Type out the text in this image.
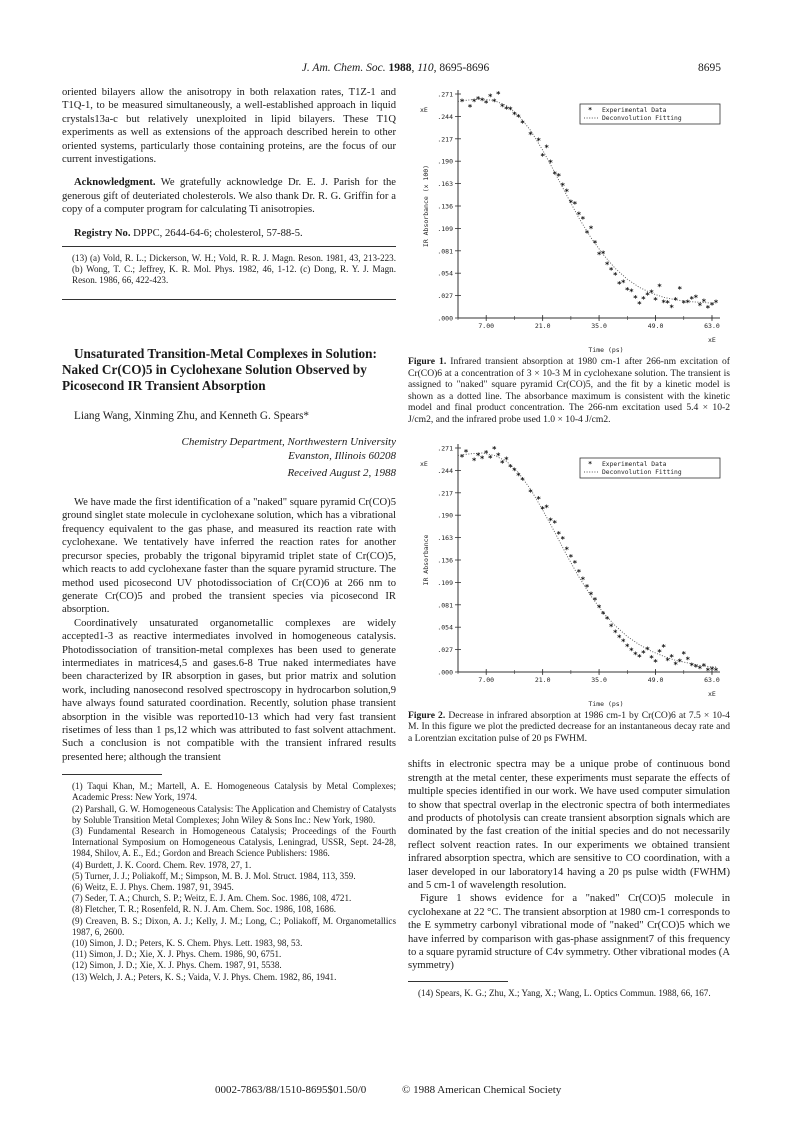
J. Am. Chem. Soc. 1988, 110, 8695-8696	8695

oriented bilayers allow the anisotropy in both relaxation rates, T1Z-1 and T1Q-1, to be measured simultaneously, a well-established approach in liquid crystals13a-c but relatively unexploited in lipid bilayers. These T1Q experiments as well as extensions of the approach described herein to other oriented systems, particularly those containing proteins, are the focus of our current investigations.

Acknowledgment. We gratefully acknowledge Dr. E. J. Parish for the generous gift of deuteriated cholesterols. We also thank Dr. R. G. Griffin for a copy of a computer program for calculating Ti anisotropies.

Registry No. DPPC, 2644-64-6; cholesterol, 57-88-5.

(13) (a) Vold, R. L.; Dickerson, W. H.; Vold, R. R. J. Magn. Reson. 1981, 43, 213-223. (b) Wong, T. C.; Jeffrey, K. R. Mol. Phys. 1982, 46, 1-12. (c) Dong, R. Y. J. Magn. Reson. 1986, 66, 422-423.

Unsaturated Transition-Metal Complexes in Solution: Naked Cr(CO)5 in Cyclohexane Solution Observed by Picosecond IR Transient Absorption

Liang Wang, Xinming Zhu, and Kenneth G. Spears*

Chemistry Department, Northwestern University

Evanston, Illinois 60208

Received August 2, 1988

We have made the first identification of a "naked" square pyramid Cr(CO)5 ground singlet state molecule in cyclohexane solution, which has a vibrational frequency equivalent to the gas phase, and measured its reaction rate with cyclohexane. We tentatively have inferred the reaction rates for another precursor species, probably the trigonal bipyramid triplet state of Cr(CO)5, which reacts to add cyclohexane faster than the square pyramid structure. The method used picosecond UV photodissociation of Cr(CO)6 at 266 nm to generate Cr(CO)5 and probed the transient species via picosecond IR absorption.

Coordinatively unsaturated organometallic complexes are widely accepted1-3 as reactive intermediates involved in homogeneous catalysis. Photodissociation of transition-metal complexes has been used to generate intermediates in matrices4,5 and gases.6-8 True naked intermediates have been characterized by IR absorption in gases, but prior matrix and solution work, including nanosecond resolved spectroscopy in hydrocarbon solution,9 have always found saturated coordination. Recently, solution phase transient absorption in the visible was reported10-13 which had very fast transient risetimes of less than 1 ps,12 which was attributed to fast solvent attachment. Such a conclusion is not compatible with the transient infrared results presented here; although the transient

(1) Taqui Khan, M.; Martell, A. E. Homogeneous Catalysis by Metal Complexes; Academic Press: New York, 1974.

(2) Parshall, G. W. Homogeneous Catalysis: The Application and Chemistry of Catalysts by Soluble Transition Metal Complexes; John Wiley & Sons Inc.: New York, 1980.

(3) Fundamental Research in Homogeneous Catalysis; Proceedings of the Fourth International Symposium on Homogeneous Catalysis, Leningrad, USSR, Sept. 24-28, 1984, Shilov, A. E., Ed.; Gordon and Breach Science Publishers: 1986.

(4) Burdett, J. K. Coord. Chem. Rev. 1978, 27, 1.

(5) Turner, J. J.; Poliakoff, M.; Simpson, M. B. J. Mol. Struct. 1984, 113, 359.

(6) Weitz, E. J. Phys. Chem. 1987, 91, 3945.

(7) Seder, T. A.; Church, S. P.; Weitz, E. J. Am. Chem. Soc. 1986, 108, 4721.

(8) Fletcher, T. R.; Rosenfeld, R. N. J. Am. Chem. Soc. 1986, 108, 1686.

(9) Creaven, B. S.; Dixon, A. J.; Kelly, J. M.; Long, C.; Poliakoff, M. Organometallics 1987, 6, 2600.

(10) Simon, J. D.; Peters, K. S. Chem. Phys. Lett. 1983, 98, 53.

(11) Simon, J. D.; Xie, X. J. Phys. Chem. 1986, 90, 6751.

(12) Simon, J. D.; Xie, X. J. Phys. Chem. 1987, 91, 5538.

(13) Welch, J. A.; Peters, K. S.; Vaida, V. J. Phys. Chem. 1982, 86, 1941.

xE
IR Absorbance (x 100)
.271
.244
.217
.190
.163
.136
.109
.081
.054
.027
.000
7.00	21.0	35.0	49.0	63.0
xE
Time (ps)
*
*
* * * *
*
*
*
* * *
* *
*
*
*
*
*
*
* *
*
*
* *
* *
* *
*
* *
*
*
*
* *
* *
*
*
* * *
*
*
* * *
*
*
* * * *
* *
* * *
* Experimental Data
Deconvolution Fitting

Figure 1. Infrared transient absorption at 1980 cm-1 after 266-nm excitation of Cr(CO)6 at a concentration of 3 × 10-3 M in cyclohexane solution. The transient is assigned to "naked" square pyramid Cr(CO)5, and the fit by a kinetic model is shown as a dotted line. The absorbance maximum is consistent with the kinetic model and final product concentration. The 266-nm excitation used 5.4 × 10-2 J/cm2, and the infrared probe used 1.0 × 10-4 J/cm2.

xE
IR Absorbance
.271
.244
.217
.190
.163
.136
.109
.081
.054
.027
.000
7.00	21.0	35.0	49.0	63.0
xE
Time (ps)
*
*
*
* *
*
*
*
*
* *
* *
*
*
*
*
* *
* *
*
*
*
*
*
*
*
*
*
*
*
*
*
*
*
* *
* * * * * *
* *
*
*
* *
* *
*
*
* * * * * * *
* Experimental Data
Deconvolution Fitting

Figure 2. Decrease in infrared absorption at 1986 cm-1 by Cr(CO)6 at 7.5 × 10-4 M. In this figure we plot the predicted decrease for an instantaneous decay rate and a Lorentzian excitation pulse of 20 ps FWHM.

shifts in electronic spectra may be a unique probe of continuous bond strength at the metal center, these experiments must separate the effects of multiple species identified in our work. We have used computer simulation to show that spectral overlap in the electronic spectra of both intermediates and products of photolysis can create transient absorption signals which are dominated by the fast creation of the initial species and do not necessarily reflect solvent reaction rates. In our experiments we obtained transient infrared absorption spectra, which are sensitive to CO coordination, with a laser developed in our laboratory14 having a 20 ps pulse width (FWHM) and 5 cm-1 of wavelength resolution.

Figure 1 shows evidence for a "naked" Cr(CO)5 molecule in cyclohexane at 22 °C. The transient absorption at 1980 cm-1 corresponds to the E symmetry carbonyl vibrational mode of "naked" Cr(CO)5 which we have inferred by comparison with gas-phase assignment7 of this frequency to a square pyramid structure of C4v symmetry. Other vibrational modes (A symmetry)

(14) Spears, K. G.; Zhu, X.; Yang, X.; Wang, L. Optics Commun. 1988, 66, 167.

0002-7863/88/1510-8695$01.50/0	© 1988 American Chemical Society
